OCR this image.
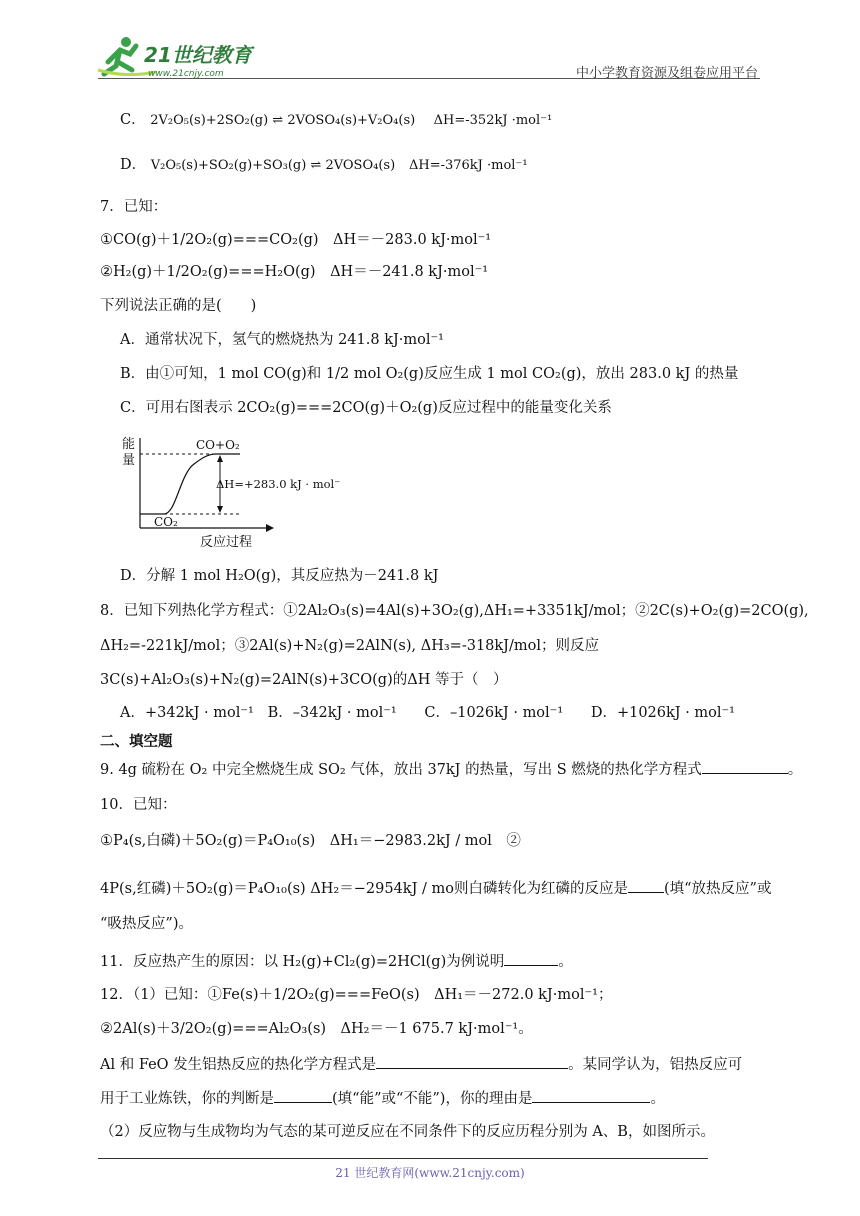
21世纪教育
www.21cnjy.com	中小学教育资源及组卷应用平台
C． 2V₂O₅(s)+2SO₂(g) ⇌ 2VOSO₄(s)+V₂O₄(s) ΔH=-352kJ ·mol⁻¹
D． V₂O₅(s)+SO₂(g)+SO₃(g) ⇌ 2VOSO₄(s) ΔH=-376kJ ·mol⁻¹
7．已知：
①CO(g)＋1/2O₂(g)===CO₂(g)　ΔH＝－283.0 kJ·mol⁻¹
②H₂(g)＋1/2O₂(g)===H₂O(g)　ΔH＝－241.8 kJ·mol⁻¹
下列说法正确的是(　　)
A．通常状况下，氢气的燃烧热为 241.8 kJ·mol⁻¹
B．由①可知，1 mol CO(g)和 1/2 mol O₂(g)反应生成 1 mol CO₂(g)，放出 283.0 kJ 的热量
C．可用右图表示 2CO₂(g)===2CO(g)＋O₂(g)反应过程中的能量变化关系
能
量
CO+O₂
CO₂
ΔH=+283.0 kJ · mol⁻¹
反应过程
D．分解 1 mol H₂O(g)，其反应热为－241.8 kJ
8．已知下列热化学方程式：①2Al₂O₃(s)=4Al(s)+3O₂(g),ΔH₁=+3351kJ/mol；②2C(s)+O₂(g)=2CO(g),
ΔH₂=-221kJ/mol；③2Al(s)+N₂(g)=2AlN(s), ΔH₃=-318kJ/mol；则反应
3C(s)+Al₂O₃(s)+N₂(g)=2AlN(s)+3CO(g)的ΔH 等于（　）
A．+342kJ · mol⁻¹ B．–342kJ · mol⁻¹ C．–1026kJ · mol⁻¹ D．+1026kJ · mol⁻¹
二、填空题
9. 4g 硫粉在 O₂ 中完全燃烧生成 SO₂ 气体，放出 37kJ 的热量，写出 S 燃烧的热化学方程式	。
10．已知：
①P₄(s,白磷)＋5O₂(g)＝P₄O₁₀(s)　ΔH₁＝−2983.2kJ / mol　②
4P(s,红磷)＋5O₂(g)＝P₄O₁₀(s) ΔH₂＝−2954kJ / mo则白磷转化为红磷的反应是 (填“放热反应”或
“吸热反应”)。
11．反应热产生的原因：以 H₂(g)+Cl₂(g)=2HCl(g)为例说明	。
12．（1）已知：①Fe(s)＋1/2O₂(g)===FeO(s)　ΔH₁＝－272.0 kJ·mol⁻¹；
②2Al(s)＋3/2O₂(g)===Al₂O₃(s)　ΔH₂＝－1 675.7 kJ·mol⁻¹。
Al 和 FeO 发生铝热反应的热化学方程式是	。某同学认为，铝热反应可
用于工业炼铁，你的判断是	(填“能”或“不能”)，你的理由是	。
（2）反应物与生成物均为气态的某可逆反应在不同条件下的反应历程分别为 A、B，如图所示。
21 世纪教育网(www.21cnjy.com)
